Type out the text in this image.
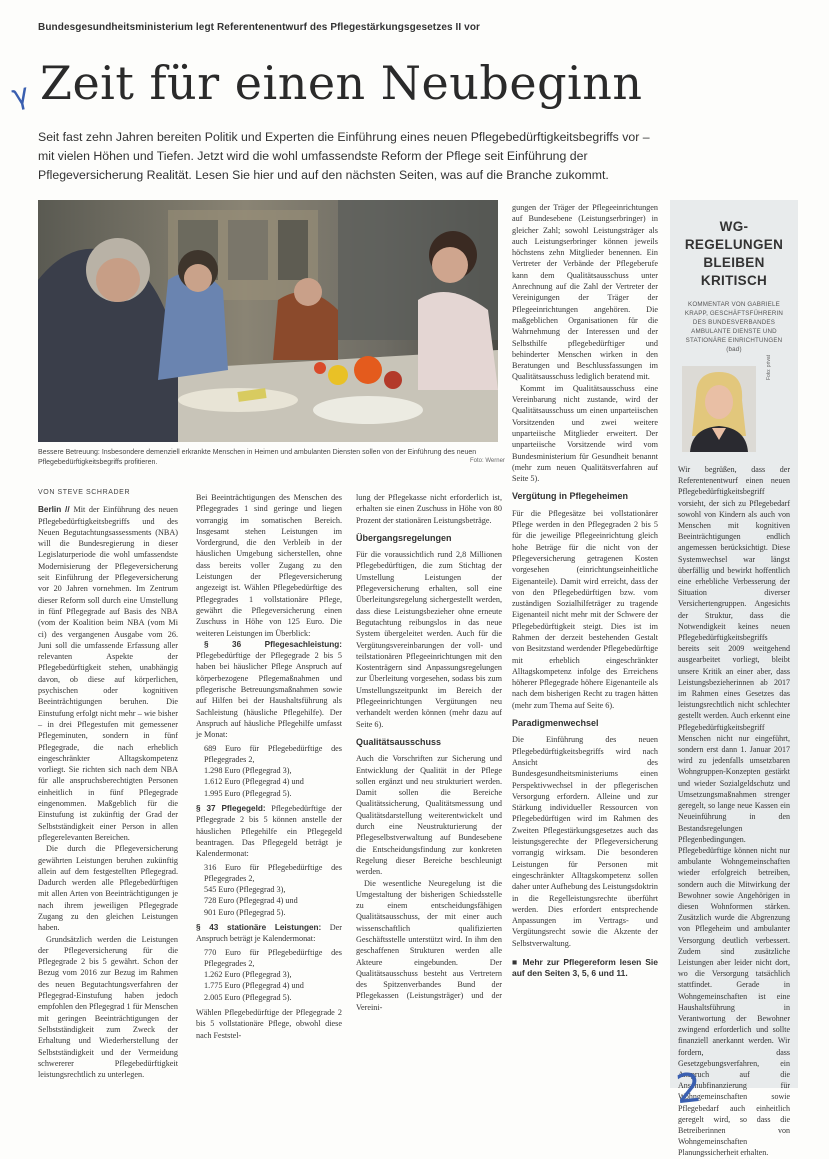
Bundesgesundheitsministerium legt Referentenentwurf des Pflegestärkungsgesetzes II vor
γ Zeit für einen Neubeginn
Seit fast zehn Jahren bereiten Politik und Experten die Einführung eines neuen Pflegebedürftigkeitsbegriffs vor – mit vielen Höhen und Tiefen. Jetzt wird die wohl umfassendste Reform der Pflege seit Einführung der Pflegeversicherung Realität. Lesen Sie hier und auf den nächsten Seiten, was auf die Branche zukommt.
Bessere Betreuung: Insbesondere demenziell erkrankte Menschen in Heimen und ambulanten Diensten sollen von der Einführung des neuen Pflegebedürftigkeitsbegriffs profitieren.	Foto: Werner
VON STEVE SCHRADER

Berlin // Mit der Einführung des neuen Pflegebedürftigkeitsbegriffs und des Neuen Begutachtungsassessments (NBA) will die Bundesregierung in dieser Legislaturperiode die wohl umfassendste Modernisierung der Pflegeversicherung seit Einführung der Pflegeversicherung vor 20 Jahren vornehmen. Im Zentrum dieser Reform soll durch eine Umstellung in fünf Pflegegrade auf Basis des NBA (vom der Koalition beim NBA (vom Mi ci) des vergangenen Ausgabe vom 26. Juni soll die umfassende Erfassung aller relevanten Aspekte der Pflegebedürftigkeit stehen, unabhängig davon, ob diese auf körperlichen, psychischen oder kognitiven Beeinträchtigungen beruhen. Die Einstufung erfolgt nicht mehr – wie bisher – in drei Pflegestufen mit gemessener Pflegeminuten, sondern in fünf Pflegegrade, die nach erheblich eingeschränkter Alltagskompetenz vorliegt. Sie richten sich nach dem NBA für alle anspruchsberechtigten Personen einheitlich in fünf Pflegegrade eingenommen. Maßgeblich für die Einstufung ist zukünftig der Grad der Selbstständigkeit einer Person in allen pflegerelevanten Bereichen.

Die durch die Pflegeversicherung gewährten Leistungen beruhen zukünftig allein auf dem festgestellten Pflegegrad. Dadurch werden alle Pflegebedürftigen mit allen Arten von Beeinträchtigungen je nach ihrem jeweiligen Pflegegrade Zugang zu den gleichen Leistungen haben.

Grundsätzlich werden die Leistungen der Pflegeversicherung für die Pflegegrade 2 bis 5 gewährt. Schon der Bezug vom 2016 zur Bezug im Rahmen des neuen Begutachtungsverfahren der Pflegegrad-Einstufung haben jedoch empfohlen den Pflegegrad 1 für Menschen mit geringen Beeinträchtigungen der Selbstständigkeit zum Zweck der Erhaltung und Wiederherstellung der Selbstständigkeit und der Vermeidung schwererer Pflegebedürftigkeit leistungsrechtlich zu unterlegen.

Bei Beeinträchtigungen des Menschen des Pflegegrades 1 sind geringe und liegen vorrangig im somatischen Bereich. Insgesamt stehen Leistungen im Vordergrund, die den Verbleib in der häuslichen Umgebung sicherstellen, ohne dass bereits voller Zugang zu den Leistungen der Pflegeversicherung angezeigt ist. Wählen Pflegebedürftige des Pflegegrades 1 vollstationäre Pflege, gewährt die Pflegeversicherung einen Zuschuss in Höhe von 125 Euro. Die weiteren Leistungen im Überblick:

§ 36 Pflegesachleistung: Pflegebedürftige der Pflegegrade 2 bis 5 haben bei häuslicher Pflege Anspruch auf körperbezogene Pflegemaßnahmen und pflegerische Betreuungsmaßnahmen sowie auf Hilfen bei der Haushaltsführung als Sachleistung (häusliche Pflegehilfe). Der Anspruch auf häusliche Pflegehilfe umfasst je Monat:

689 Euro für Pflegebedürftige des Pflegegrades 2,
1.298 Euro (Pflegegrad 3),
1.612 Euro (Pflegegrad 4) und
1.995 Euro (Pflegegrad 5).

§ 37 Pflegegeld: Pflegebedürftige der Pflegegrade 2 bis 5 können anstelle der häuslichen Pflegehilfe ein Pflegegeld beantragen. Das Pflegegeld beträgt je Kalendermonat:

316 Euro für Pflegebedürftige des Pflegegrades 2,
545 Euro (Pflegegrad 3),
728 Euro (Pflegegrad 4) und
901 Euro (Pflegegrad 5).

§ 43 stationäre Leistungen: Der Anspruch beträgt je Kalendermonat:

770 Euro für Pflegebedürftige des Pflegegrades 2,
1.262 Euro (Pflegegrad 3),
1.775 Euro (Pflegegrad 4) und
2.005 Euro (Pflegegrad 5).

Wählen Pflegebedürftige der Pflegegrade 2 bis 5 vollstationäre Pflege, obwohl diese nach Feststel-

lung der Pflegekasse nicht erforderlich ist, erhalten sie einen Zuschuss in Höhe von 80 Prozent der stationären Leistungsbeträge.

Übergangsregelungen

Für die voraussichtlich rund 2,8 Millionen Pflegebedürftigen, die zum Stichtag der Umstellung Leistungen der Pflegeversicherung erhalten, soll eine Überleitungsregelung sichergestellt werden, dass diese Leistungsbezieher ohne erneute Begutachtung reibungslos in das neue System übergeleitet werden. Auch für die Vergütungsvereinbarungen der voll- und teilstationären Pflegeeinrichtungen mit den Kostenträgern sind Anpassungsregelungen zur Überleitung vorgesehen, sodass bis zum Umstellungszeitpunkt im Bereich der Pflegeeinrichtungen Vergütungen neu verhandelt werden können (mehr dazu auf Seite 6).

Qualitätsausschuss

Auch die Vorschriften zur Sicherung und Entwicklung der Qualität in der Pflege sollen ergänzt und neu strukturiert werden. Damit sollen die Bereiche Qualitätssicherung, Qualitätsmessung und Qualitätsdarstellung weiterentwickelt und durch eine Neustrukturierung der Pflegeselbstverwaltung auf Bundesebene die Entscheidungsfindung zur konkreten Regelung dieser Bereiche beschleunigt werden.

Die wesentliche Neuregelung ist die Umgestaltung der bisherigen Schiedsstelle zu einem entscheidungsfähigen Qualitätsausschuss, der mit einer auch wissenschaftlich qualifizierten Geschäftsstelle unterstützt wird. In ihm den geschaffenen Strukturen werden alle Akteure eingebunden. Der Qualitätsausschuss besteht aus Vertretern des Spitzenverbandes Bund der Pflegekassen (Leistungsträger) und der Vereini-

gungen der Träger der Pflegeeinrichtungen auf Bundesebene (Leistungserbringer) in gleicher Zahl; sowohl Leistungsträger als auch Leistungserbringer können jeweils höchstens zehn Mitglieder benennen. Ein Vertreter der Verbände der Pflegeberufe kann dem Qualitätsausschuss unter Anrechnung auf die Zahl der Vertreter der Vereinigungen der Träger der Pflegeeinrichtungen angehören. Die maßgeblichen Organisationen für die Wahrnehmung der Interessen und der Selbsthilfe pflegebedürftiger und behinderter Menschen wirken in den Beratungen und Beschlussfassungen im Qualitätsausschuss lediglich beratend mit.

Kommt im Qualitätsausschuss eine Vereinbarung nicht zustande, wird der Qualitätsausschuss um einen unparteiischen Vorsitzenden und zwei weitere unparteiische Mitglieder erweitert. Der unparteiische Vorsitzende wird vom Bundesministerium für Gesundheit benannt (mehr zum neuen Qualitätsverfahren auf Seite 5).

Vergütung in Pflegeheimen

Für die Pflegesätze bei vollstationärer Pflege werden in den Pflegegraden 2 bis 5 für die jeweilige Pflegeeinrichtung gleich hohe Beträge für die nicht von der Pflegeversicherung getragenen Kosten vorgesehen (einrichtungseinheitliche Eigenanteile). Damit wird erreicht, dass der von den Pflegebedürftigen bzw. vom zuständigen Sozialhilfeträger zu tragende Eigenanteil nicht mehr mit der Schwere der Pflegebedürftigkeit steigt. Dies ist im Rahmen der derzeit bestehenden Gestalt von Besitzstand werdender Pflegebedürftige mit erheblich eingeschränkter Alltagskompetenz infolge des Erreichens höherer Pflegegrade höhere Eigenanteile als nach dem bisherigen Recht zu tragen hätten (mehr zum Thema auf Seite 6).

Paradigmenwechsel

Die Einführung des neuen Pflegebedürftigkeitsbegriffs wird nach Ansicht des Bundesgesundheitsministeriums einen Perspektivwechsel in der pflegerischen Versorgung erfordern. Alleine und zur Stärkung individueller Ressourcen von Pflegebedürftigen wird im Rahmen des Zweiten Pflegestärkungsgesetzes auch das leistungsgerechte der Pflegeversicherung vorrangig wirksam. Die besonderen Leistungen für Personen mit eingeschränkter Alltagskompetenz sollen daher unter Aufhebung des Leistungsdoktrin in die Regelleistungsrechte überführt werden. Dies erfordert entsprechende Anpassungen im Vertrags- und Vergütungsrecht sowie die Akzente der Selbstverwaltung.

■ Mehr zur Pflegereform lesen Sie auf den Seiten 3, 5, 6 und 11.
WG-REGELUNGEN BLEIBEN KRITISCH
KOMMENTAR VON GABRIELE KRAPP, GESCHÄFTSFÜHRERIN DES BUNDESVERBANDES AMBULANTE DIENSTE UND STATIONÄRE EINRICHTUNGEN (bad)
Wir begrüßen, dass der Referentenentwurf einen neuen Pflegebedürftigkeitsbegriff vorsieht, der sich zu Pflegebedarf sowohl von Kindern als auch von Menschen mit kognitiven Beeinträchtigungen endlich angemessen berücksichtigt. Diese Systemwechsel war längst überfällig und bewirkt hoffentlich eine erhebliche Verbesserung der Situation diverser Versichertengruppen. Angesichts der Struktur, dass die Notwendigkeit keines neuen Pflegebedürftigkeitsbegriffs bereits seit 2009 weitgehend ausgearbeitet vorliegt, bleibt unsere Kritik an einer aber, dass Leistungsbezieherinnen ab 2017 im Rahmen eines Gesetzes das leistungsrechtlich nicht schlechter gestellt werden. Auch erkennt eine Pflegebedürftigkeitsbegriff Menschen nicht nur eingeführt, sondern erst dann 1. Januar 2017 wird zu jedenfalls umsetzbaren Wohngruppen-Konzepten gestärkt und wieder Sozialgeldschutz und Umsetzungsmaßnahmen strenger geregelt, so lange neue Kassen ein Neueinführung in den Bestandsregelungen Pflegenbedingungen. Pflegebedürftige können nicht nur ambulante Wohngemeinschaften wieder erfolgreich betreiben, sondern auch die Mitwirkung der Bewohner sowie Angehörigen in diesen Wohnformen stärken. Zusätzlich wurde die Abgrenzung von Pflegeheim und ambulanter Versorgung deutlich verbessert. Zudem sind zusätzliche Leistungen aber leider nicht dort, wo die Versorgung tatsächlich stattfindet. Gerade in Wohngemeinschaften ist eine Haushaltsführung in Verantwortung der Bewohner zwingend erforderlich und sollte finanziell anerkannt werden. Wir fordern, dass Gesetzgebungsverfahren, ein Anspruch auf die Anschubfinanzierung für Wohngemeinschaften sowie Pflegebedarf auch einheitlich geregelt wird, so dass die Betreiberinnen von Wohngemeinschaften Planungssicherheit erhalten.
Foto: privat
2
